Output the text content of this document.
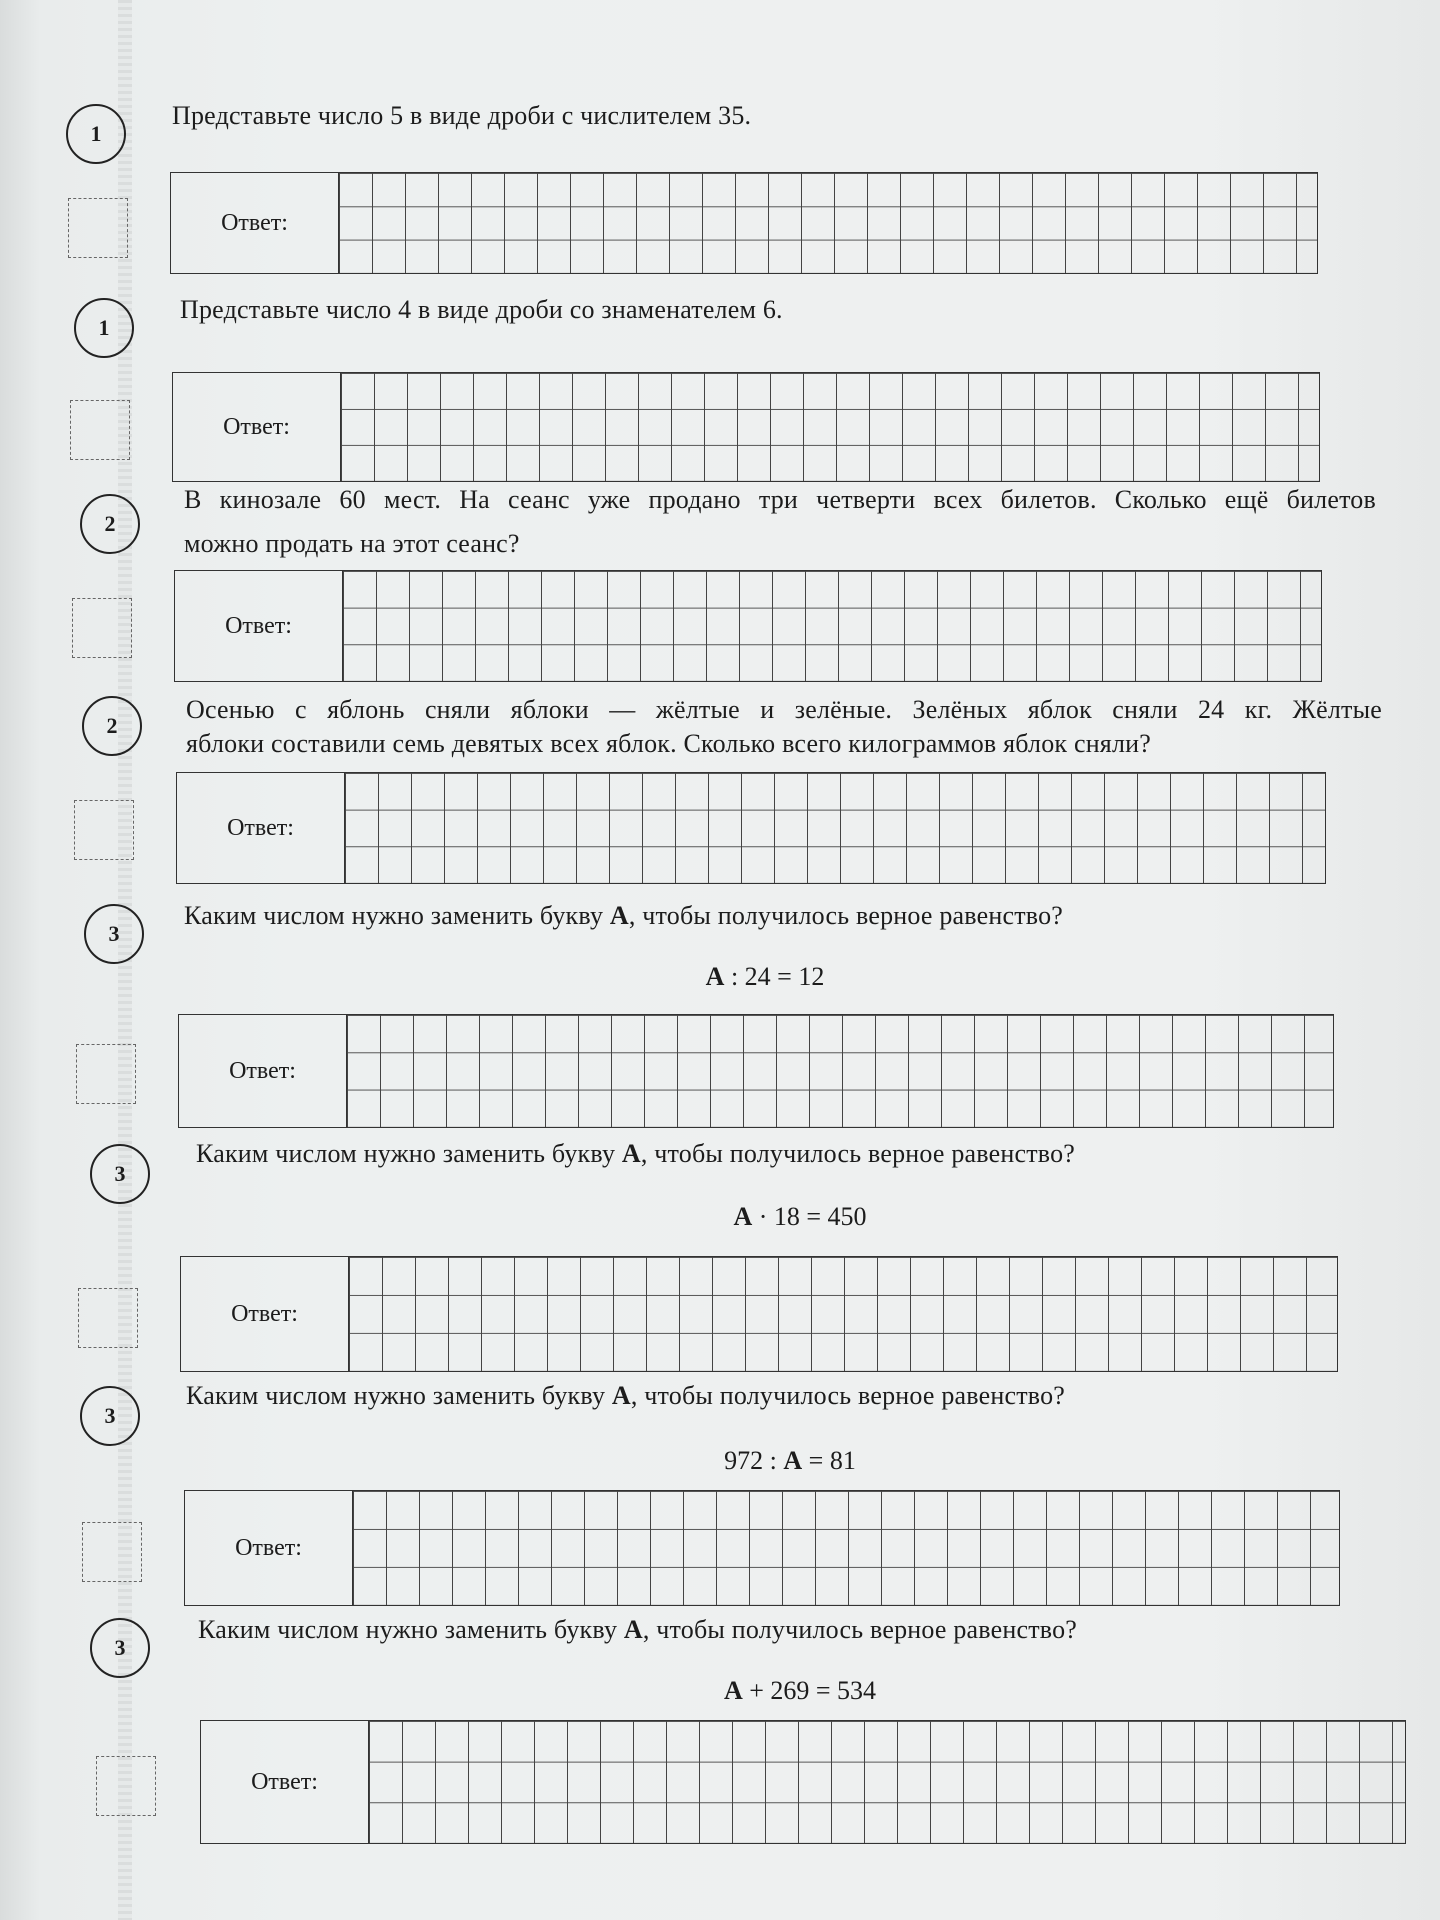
1
Представьте число 5 в виде дроби с числителем 35.
Ответ:
1
Представьте число 4 в виде дроби со знаменателем 6.
Ответ:
2
В кинозале 60 мест. На сеанс уже продано три четверти всех билетов. Сколько ещё билетов
можно продать на этот сеанс?
Ответ:
2
Осенью с яблонь сняли яблоки — жёлтые и зелёные. Зелёных яблок сняли 24 кг. Жёлтые
яблоки составили семь девятых всех яблок. Сколько всего килограммов яблок сняли?
Ответ:
3
Каким числом нужно заменить букву А, чтобы получилось верное равенство?
А : 24 = 12
Ответ:
3
Каким числом нужно заменить букву А, чтобы получилось верное равенство?
А · 18 = 450
Ответ:
3
Каким числом нужно заменить букву А, чтобы получилось верное равенство?
972 : А = 81
Ответ:
3
Каким числом нужно заменить букву А, чтобы получилось верное равенство?
А + 269 = 534
Ответ:
